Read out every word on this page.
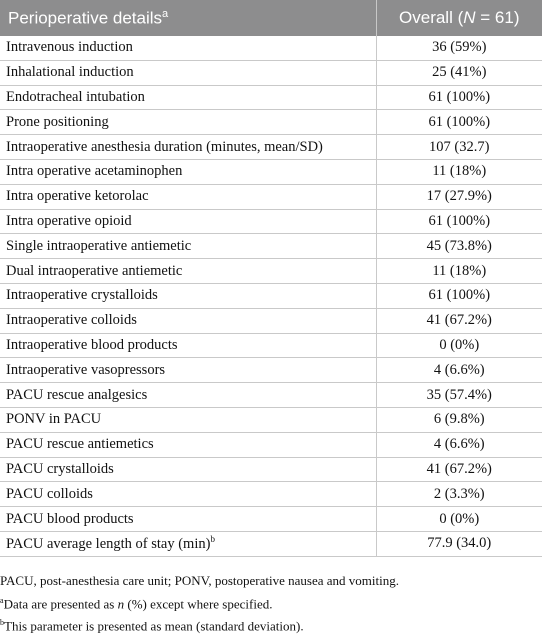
Perioperative details$^a$	Overall (N = 61)
Intravenous induction	36 (59%)
Inhalational induction	25 (41%)
Endotracheal intubation	61 (100%)
Prone positioning	61 (100%)
Intraoperative anesthesia duration (minutes, mean/SD)	107 (32.7)
Intra operative acetaminophen	11 (18%)
Intra operative ketorolac	17 (27.9%)
Intra operative opioid	61 (100%)
Single intraoperative antiemetic	45 (73.8%)
Dual intraoperative antiemetic	11 (18%)
Intraoperative crystalloids	61 (100%)
Intraoperative colloids	41 (67.2%)
Intraoperative blood products	0 (0%)
Intraoperative vasopressors	4 (6.6%)
PACU rescue analgesics	35 (57.4%)
PONV in PACU	6 (9.8%)
PACU rescue antiemetics	4 (6.6%)
PACU crystalloids	41 (67.2%)
PACU colloids	2 (3.3%)
PACU blood products	0 (0%)
PACU average length of stay $(\min)^b$	77.9 (34.0)
PACU, post-anesthesia care unit; PONV, postoperative nausea and vomiting.
$^a$Data are presented as n (%) except where specified.
$^b$This parameter is presented as mean (standard deviation).
